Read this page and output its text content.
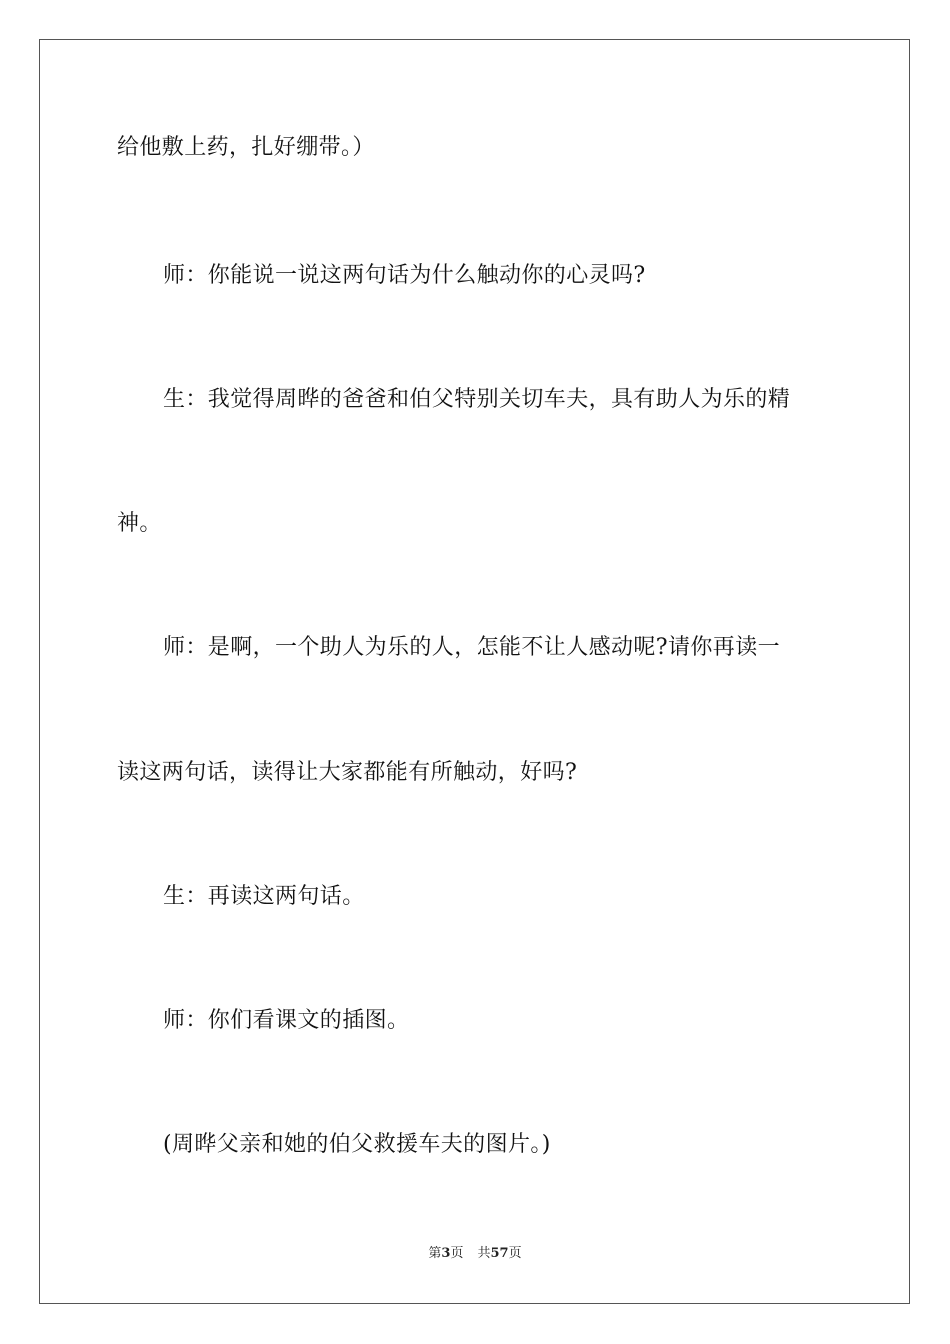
给他敷上药，扎好绷带。）
师：你能说一说这两句话为什么触动你的心灵吗?
生：我觉得周晔的爸爸和伯父特别关切车夫，具有助人为乐的精
神。
师：是啊，一个助人为乐的人，怎能不让人感动呢?请你再读一
读这两句话，读得让大家都能有所触动，好吗?
生：再读这两句话。
师：你们看课文的插图。
(周晔父亲和她的伯父救援车夫的图片。)
第3页 共57页
